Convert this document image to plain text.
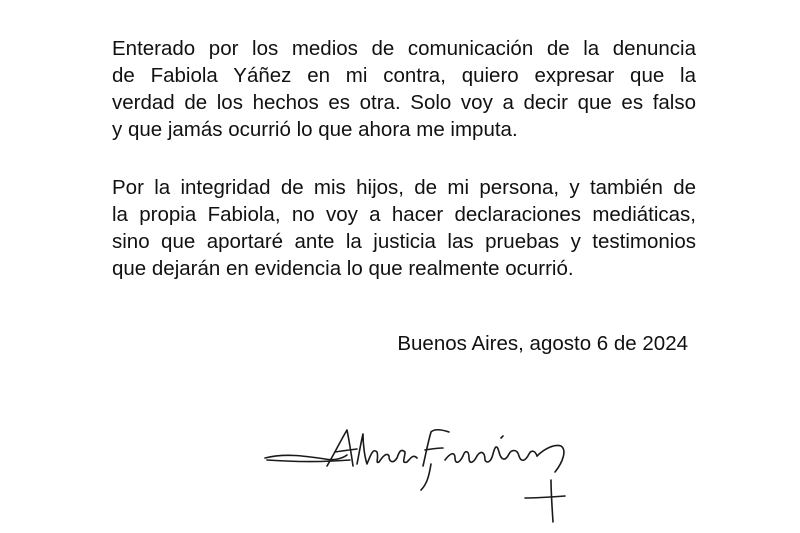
Enterado por los medios de comunicación de la denuncia
de Fabiola Yáñez en mi contra, quiero expresar que la
verdad de los hechos es otra. Solo voy a decir que es falso
y que jamás ocurrió lo que ahora me imputa.

Por la integridad de mis hijos, de mi persona, y también de
la propia Fabiola, no voy a hacer declaraciones mediáticas,
sino que aportaré ante la justicia las pruebas y testimonios
que dejarán en evidencia lo que realmente ocurrió.

Buenos Aires, agosto 6 de 2024
